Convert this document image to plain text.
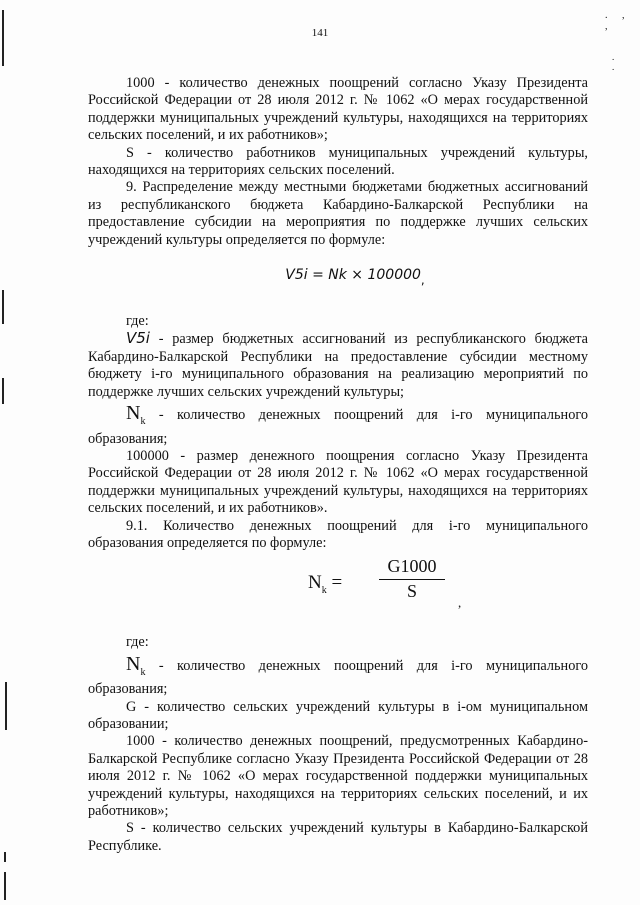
141
. , ,
. .

1000 - количество денежных поощрений согласно Указу Президента Российской Федерации от 28 июля 2012 г. № 1062 «О мерах государственной поддержки муниципальных учреждений культуры, находящихся на территориях сельских поселений, и их работников»;

S - количество работников муниципальных учреждений культуры, находящихся на территориях сельских поселений.

9. Распределение между местными бюджетами бюджетных ассигнований из республиканского бюджета Кабардино-Балкарской Республики на предоставление субсидии на мероприятия по поддержке лучших сельских учреждений культуры определяется по формуле:

V5i = Nk × 100000,

где:

V5i - размер бюджетных ассигнований из республиканского бюджета Кабардино-Балкарской Республики на предоставление субсидии местному бюджету i-го муниципального образования на реализацию мероприятий по поддержке лучших сельских учреждений культуры;

$N_k$ - количество денежных поощрений для i-го муниципального образования;

100000 - размер денежного поощрения согласно Указу Президента Российской Федерации от 28 июля 2012 г. № 1062 «О мерах государственной поддержки муниципальных учреждений культуры, находящихся на территориях сельских поселений, и их работников».

9.1. Количество денежных поощрений для i-го муниципального образования определяется по формуле:

$N_k = \frac{G1000}{S}$
,

где:

$N_k$ - количество денежных поощрений для i-го муниципального образования;

G - количество сельских учреждений культуры в i-ом муниципальном образовании;

1000 - количество денежных поощрений, предусмотренных Кабардино-Балкарской Республике согласно Указу Президента Российской Федерации от 28 июля 2012 г. № 1062 «О мерах государственной поддержки муниципальных учреждений культуры, находящихся на территориях сельских поселений, и их работников»;

S - количество сельских учреждений культуры в Кабардино-Балкарской Республике.
